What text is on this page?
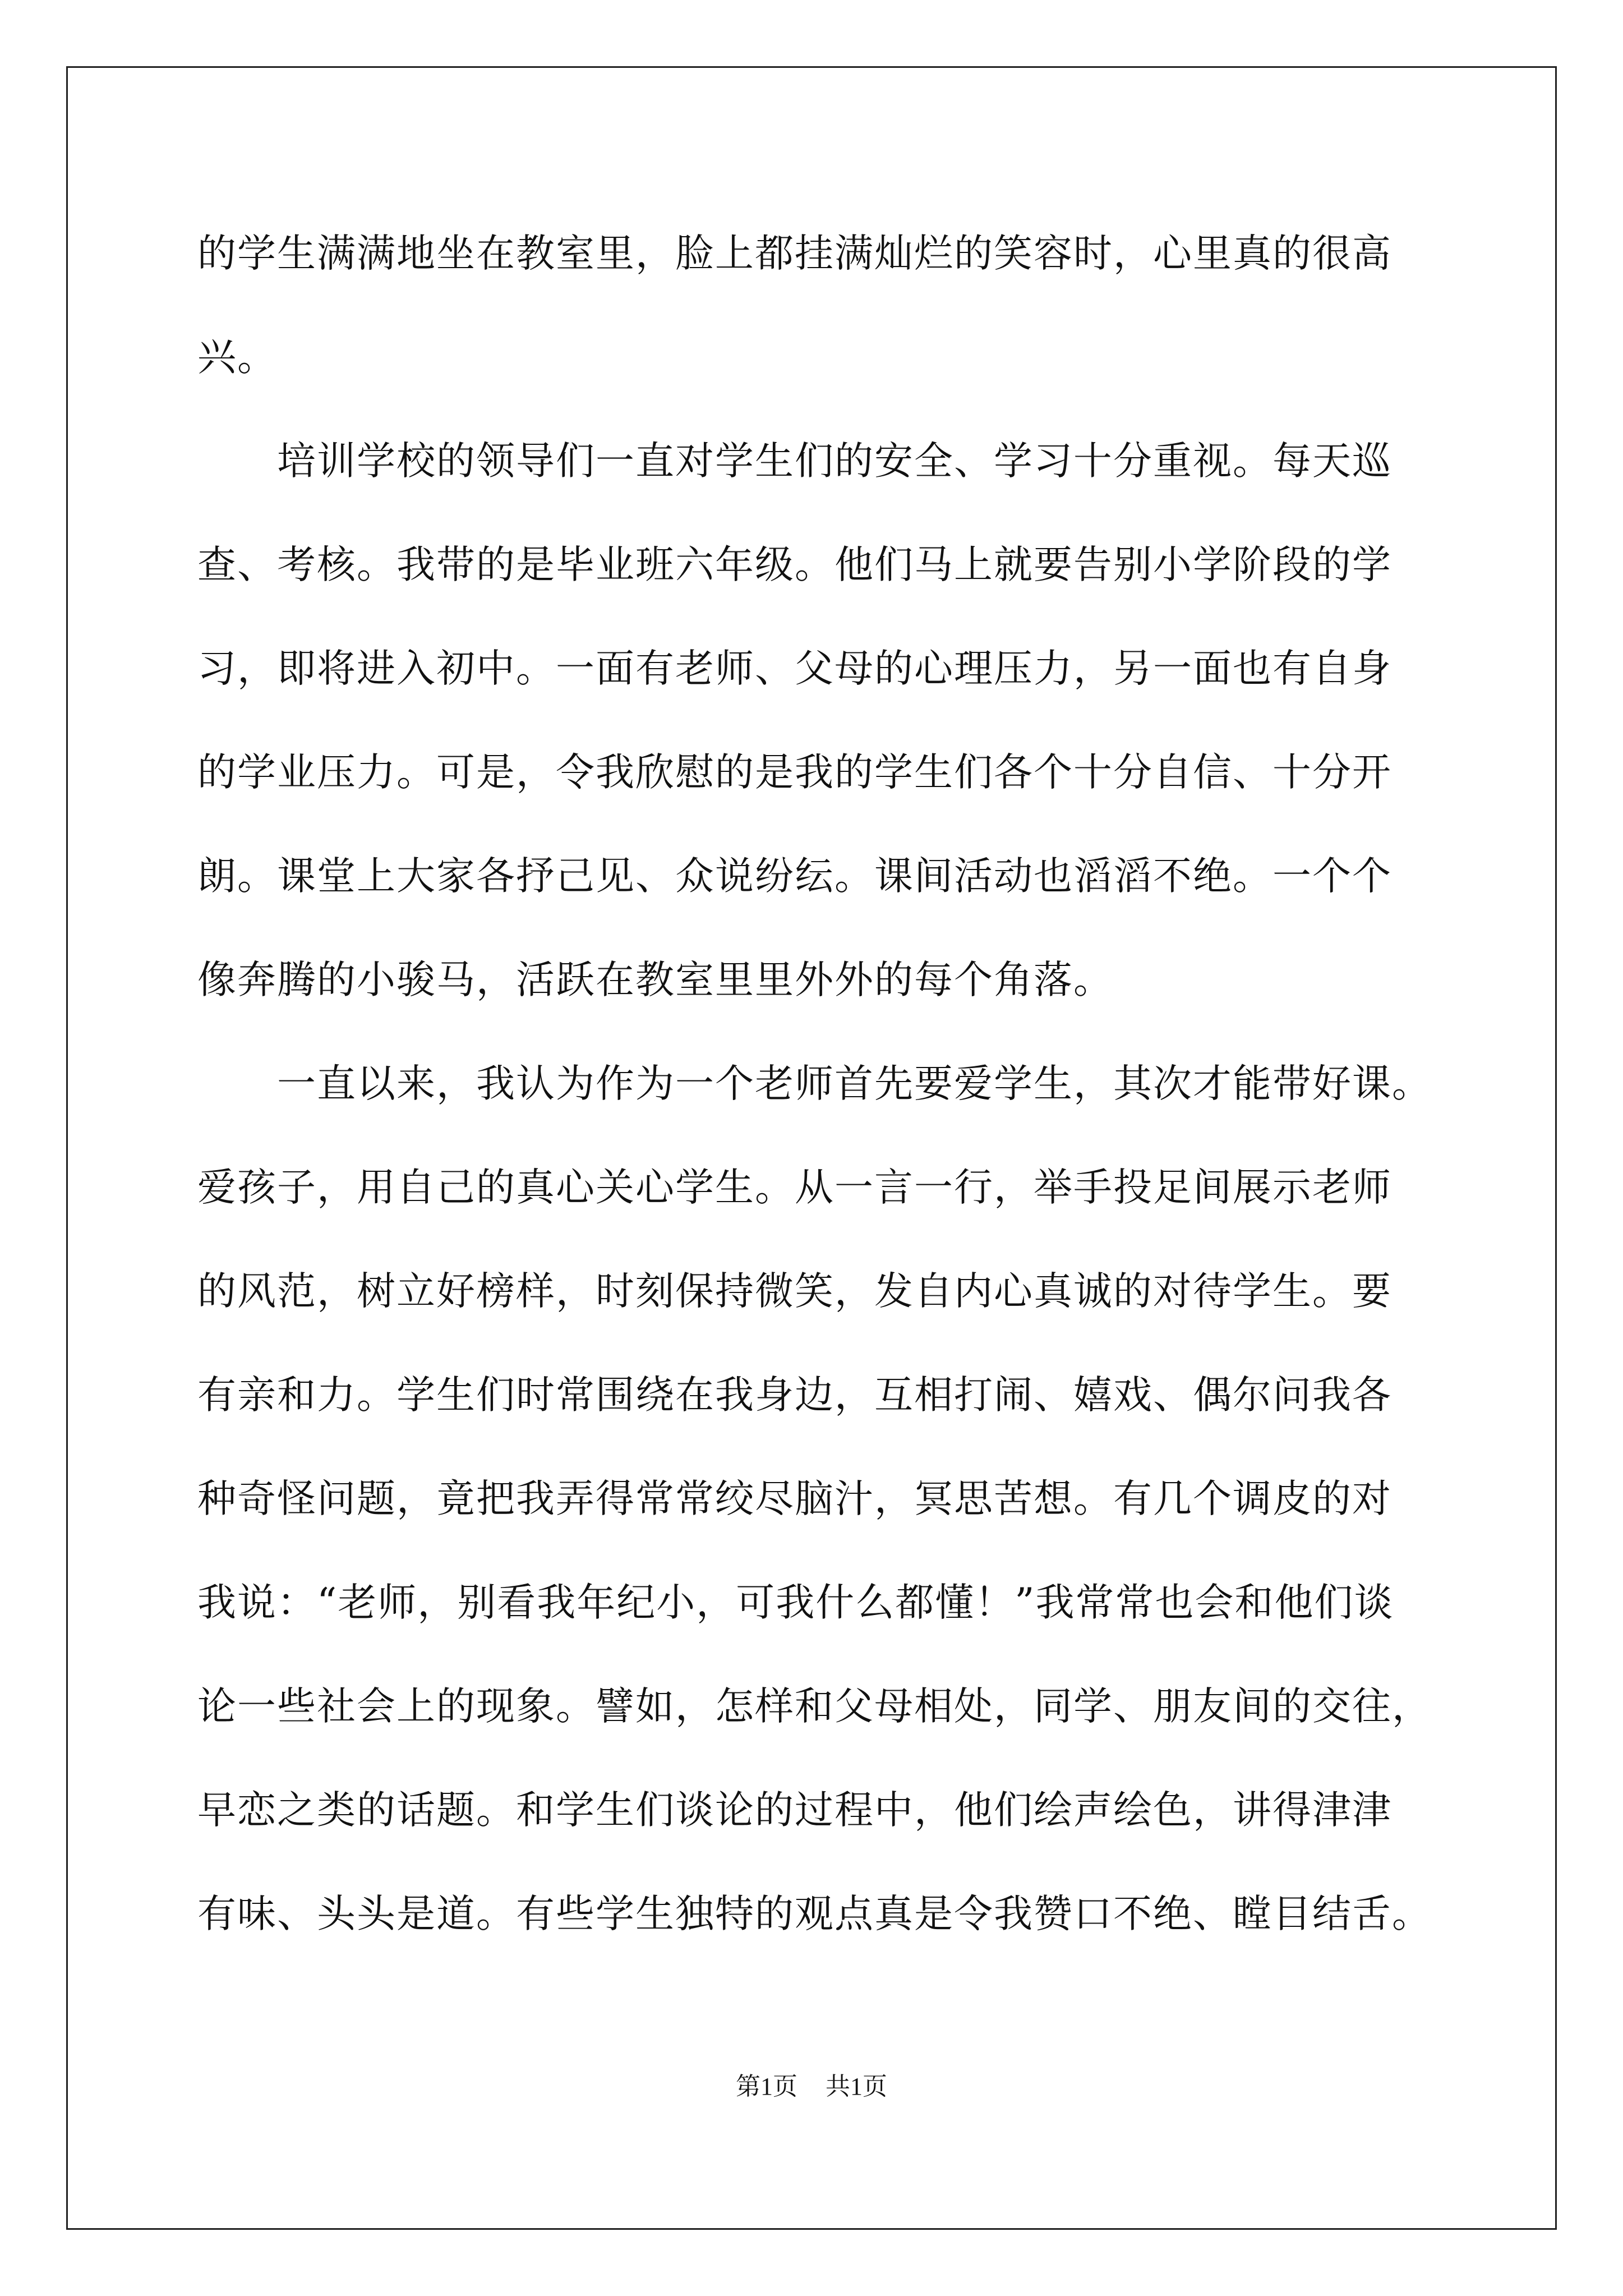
的学生满满地坐在教室里，脸上都挂满灿烂的笑容时，心里真的很高
兴。
　　培训学校的领导们一直对学生们的安全、学习十分重视。每天巡
查、考核。我带的是毕业班六年级。他们马上就要告别小学阶段的学
习，即将进入初中。一面有老师、父母的心理压力，另一面也有自身
的学业压力。可是，令我欣慰的是我的学生们各个十分自信、十分开
朗。课堂上大家各抒己见、众说纷纭。课间活动也滔滔不绝。一个个
像奔腾的小骏马，活跃在教室里里外外的每个角落。
　　一直以来，我认为作为一个老师首先要爱学生，其次才能带好课。
爱孩子，用自己的真心关心学生。从一言一行，举手投足间展示老师
的风范，树立好榜样，时刻保持微笑，发自内心真诚的对待学生。要
有亲和力。学生们时常围绕在我身边，互相打闹、嬉戏、偶尔问我各
种奇怪问题，竟把我弄得常常绞尽脑汁，冥思苦想。有几个调皮的对
我说：“老师，别看我年纪小，可我什么都懂！”我常常也会和他们谈
论一些社会上的现象。譬如，怎样和父母相处，同学、朋友间的交往，
早恋之类的话题。和学生们谈论的过程中，他们绘声绘色，讲得津津
有味、头头是道。有些学生独特的观点真是令我赞口不绝、瞠目结舌。
第1页 共1页
